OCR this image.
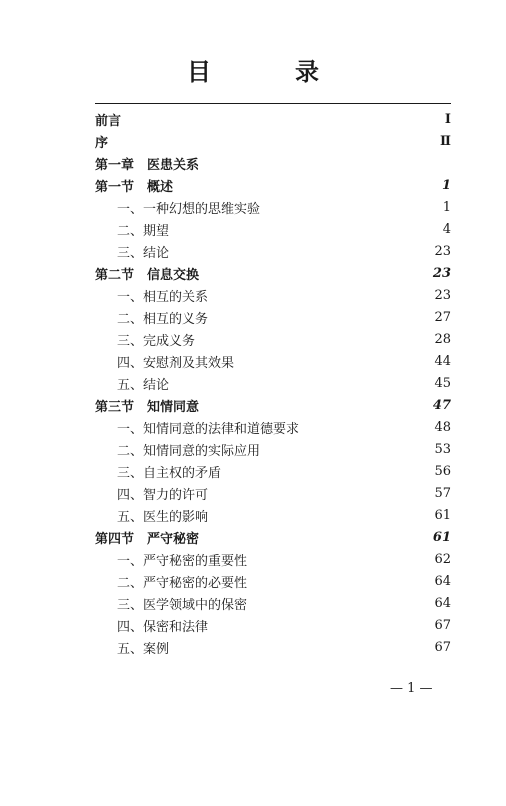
目　录
前言	Ⅰ
序	Ⅱ
第一章　医患关系
第一节　概述	1
一、一种幻想的思维实验	1
二、期望	4
三、结论	23
第二节　信息交换	23
一、相互的关系	23
二、相互的义务	27
三、完成义务	28
四、安慰剂及其效果	44
五、结论	45
第三节　知情同意	47
一、知情同意的法律和道德要求	48
二、知情同意的实际应用	53
三、自主权的矛盾	56
四、智力的许可	57
五、医生的影响	61
第四节　严守秘密	61
一、严守秘密的重要性	62
二、严守秘密的必要性	64
三、医学领域中的保密	64
四、保密和法律	67
五、案例	67
— 1 —
